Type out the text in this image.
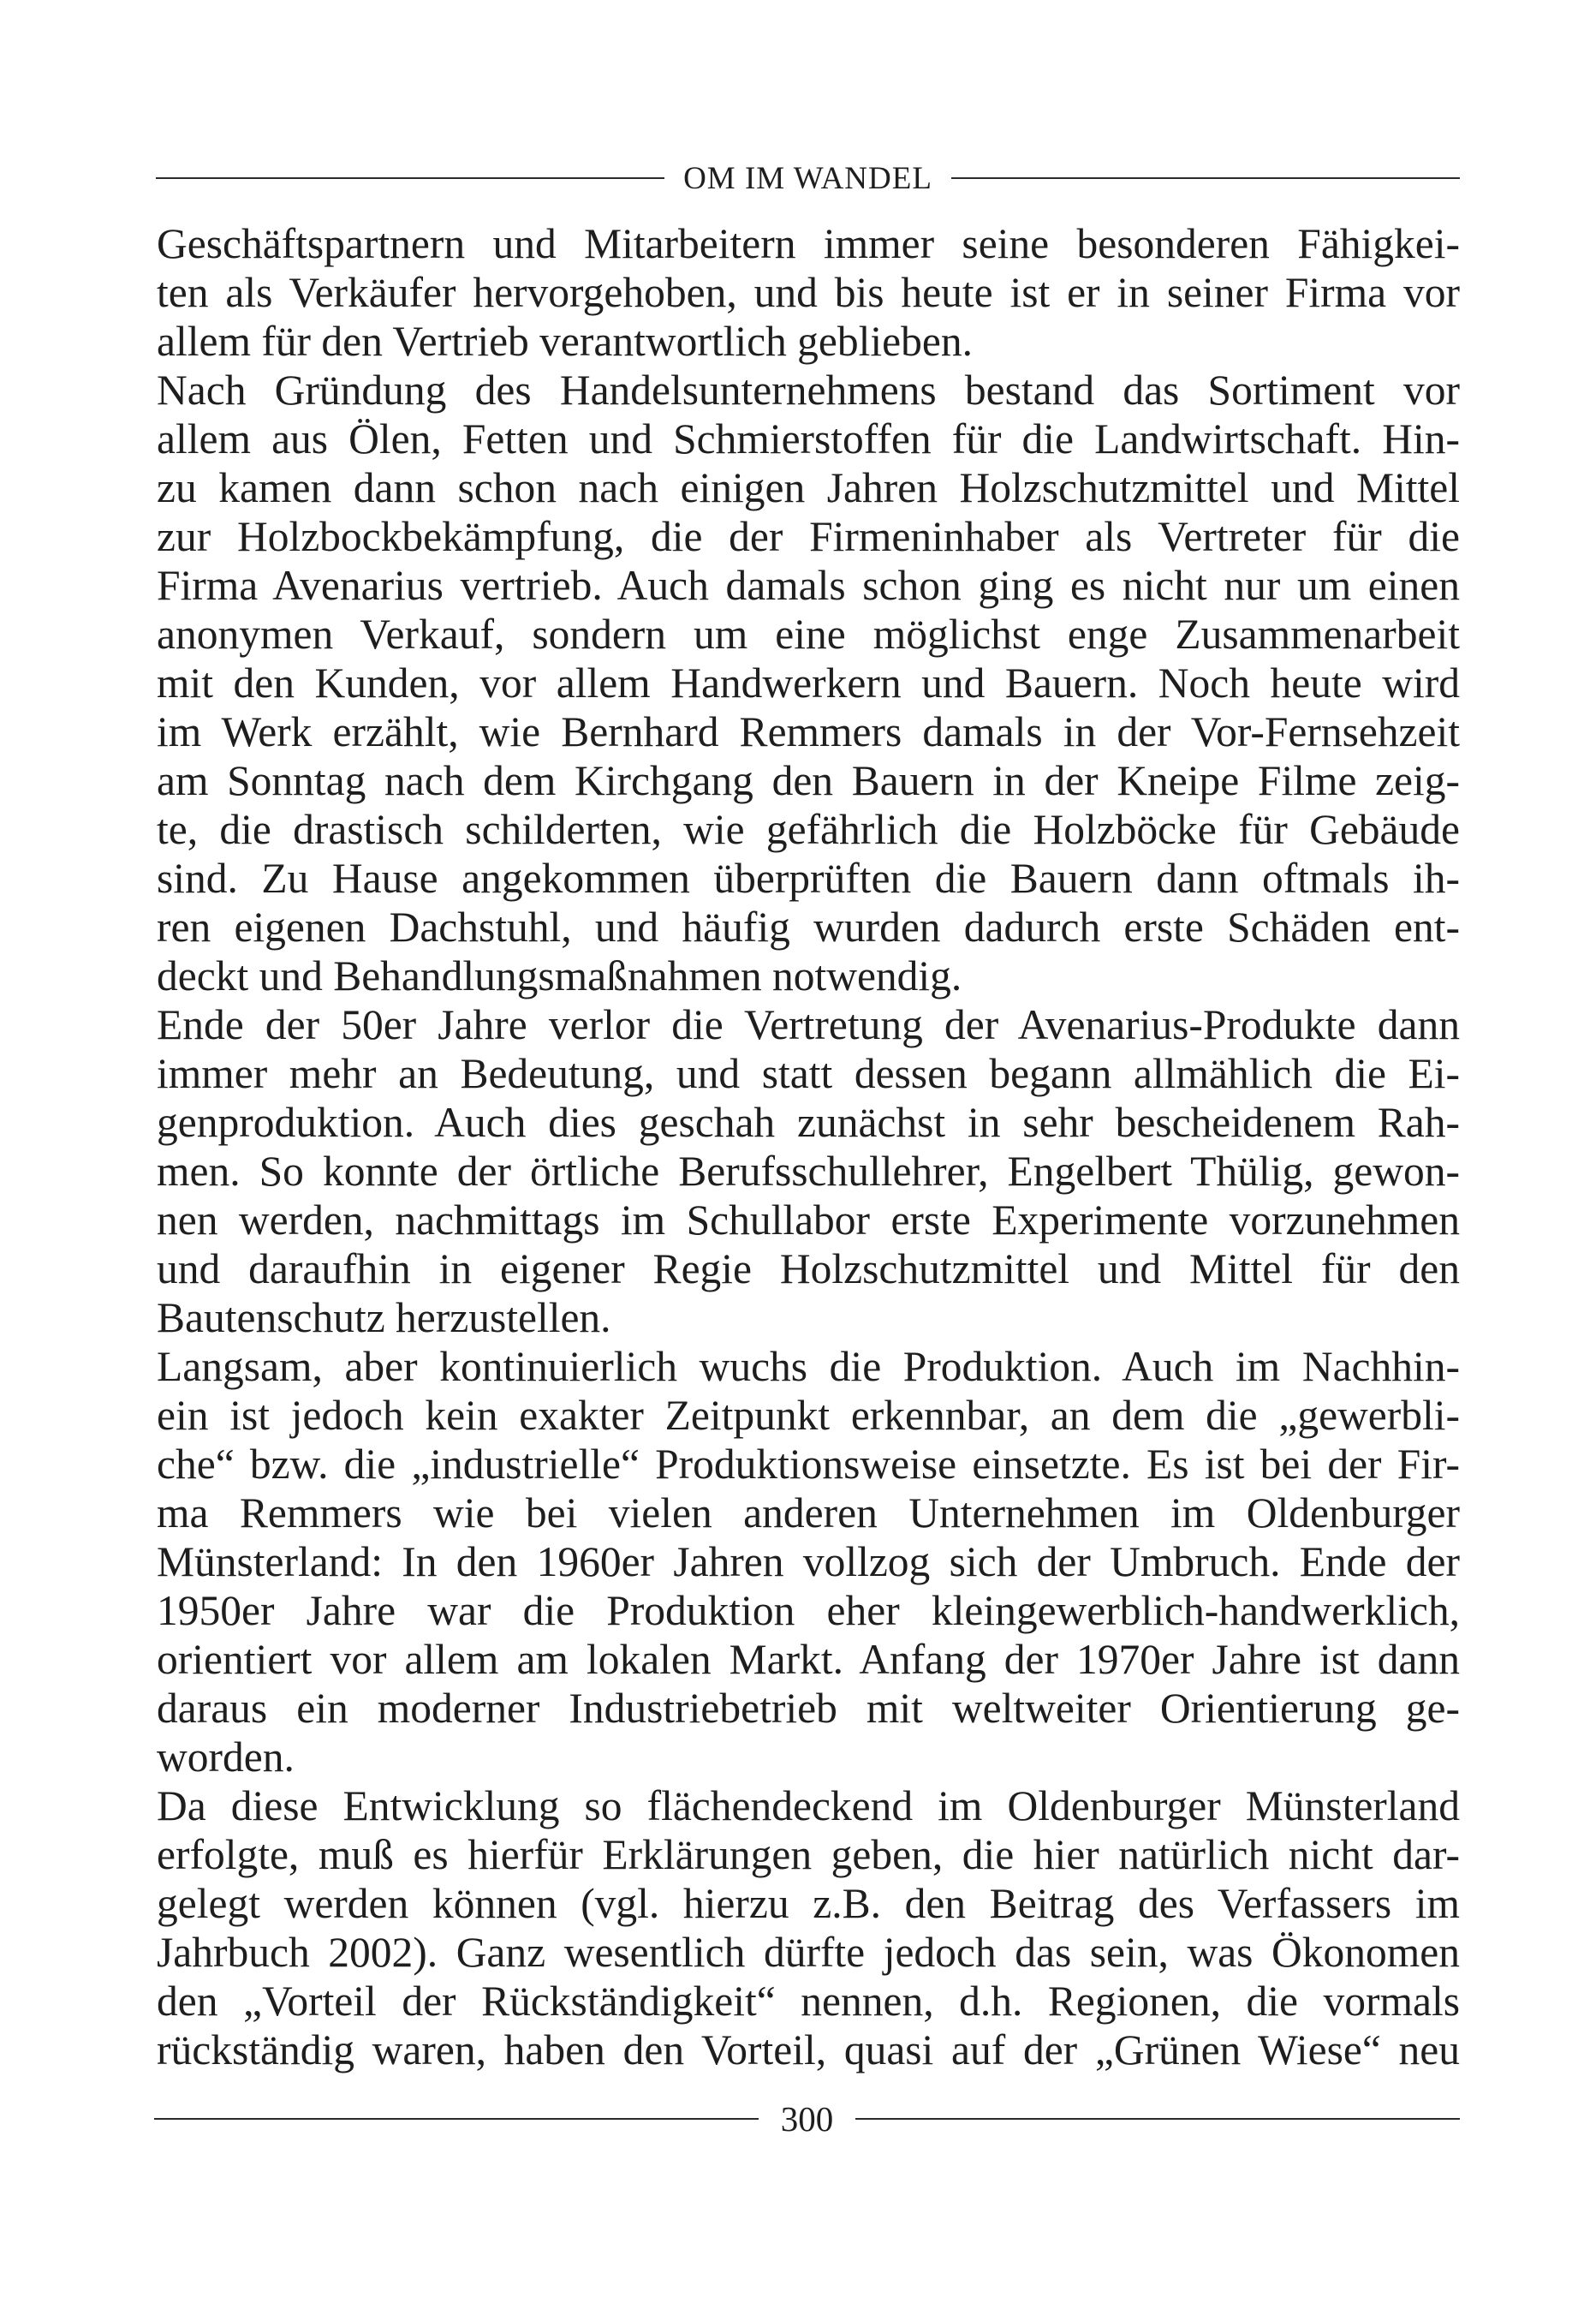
OM IM WANDEL
Geschäftspartnern und Mitarbeitern immer seine besonderen Fähigkei-
ten als Verkäufer hervorgehoben, und bis heute ist er in seiner Firma vor
allem für den Vertrieb verantwortlich geblieben.
Nach Gründung des Handelsunternehmens bestand das Sortiment vor
allem aus Ölen, Fetten und Schmierstoffen für die Landwirtschaft. Hin-
zu kamen dann schon nach einigen Jahren Holzschutzmittel und Mittel
zur Holzbockbekämpfung, die der Firmeninhaber als Vertreter für die
Firma Avenarius vertrieb. Auch damals schon ging es nicht nur um einen
anonymen Verkauf, sondern um eine möglichst enge Zusammenarbeit
mit den Kunden, vor allem Handwerkern und Bauern. Noch heute wird
im Werk erzählt, wie Bernhard Remmers damals in der Vor-Fernsehzeit
am Sonntag nach dem Kirchgang den Bauern in der Kneipe Filme zeig-
te, die drastisch schilderten, wie gefährlich die Holzböcke für Gebäude
sind. Zu Hause angekommen überprüften die Bauern dann oftmals ih-
ren eigenen Dachstuhl, und häufig wurden dadurch erste Schäden ent-
deckt und Behandlungsmaßnahmen notwendig.
Ende der 50er Jahre verlor die Vertretung der Avenarius-Produkte dann
immer mehr an Bedeutung, und statt dessen begann allmählich die Ei-
genproduktion. Auch dies geschah zunächst in sehr bescheidenem Rah-
men. So konnte der örtliche Berufsschullehrer, Engelbert Thülig, gewon-
nen werden, nachmittags im Schullabor erste Experimente vorzunehmen
und daraufhin in eigener Regie Holzschutzmittel und Mittel für den
Bautenschutz herzustellen.
Langsam, aber kontinuierlich wuchs die Produktion. Auch im Nachhin-
ein ist jedoch kein exakter Zeitpunkt erkennbar, an dem die „gewerbli-
che“ bzw. die „industrielle“ Produktionsweise einsetzte. Es ist bei der Fir-
ma Remmers wie bei vielen anderen Unternehmen im Oldenburger
Münsterland: In den 1960er Jahren vollzog sich der Umbruch. Ende der
1950er Jahre war die Produktion eher kleingewerblich-handwerklich,
orientiert vor allem am lokalen Markt. Anfang der 1970er Jahre ist dann
daraus ein moderner Industriebetrieb mit weltweiter Orientierung ge-
worden.
Da diese Entwicklung so flächendeckend im Oldenburger Münsterland
erfolgte, muß es hierfür Erklärungen geben, die hier natürlich nicht dar-
gelegt werden können (vgl. hierzu z.B. den Beitrag des Verfassers im
Jahrbuch 2002). Ganz wesentlich dürfte jedoch das sein, was Ökonomen
den „Vorteil der Rückständigkeit“ nennen, d.h. Regionen, die vormals
rückständig waren, haben den Vorteil, quasi auf der „Grünen Wiese“ neu
300
